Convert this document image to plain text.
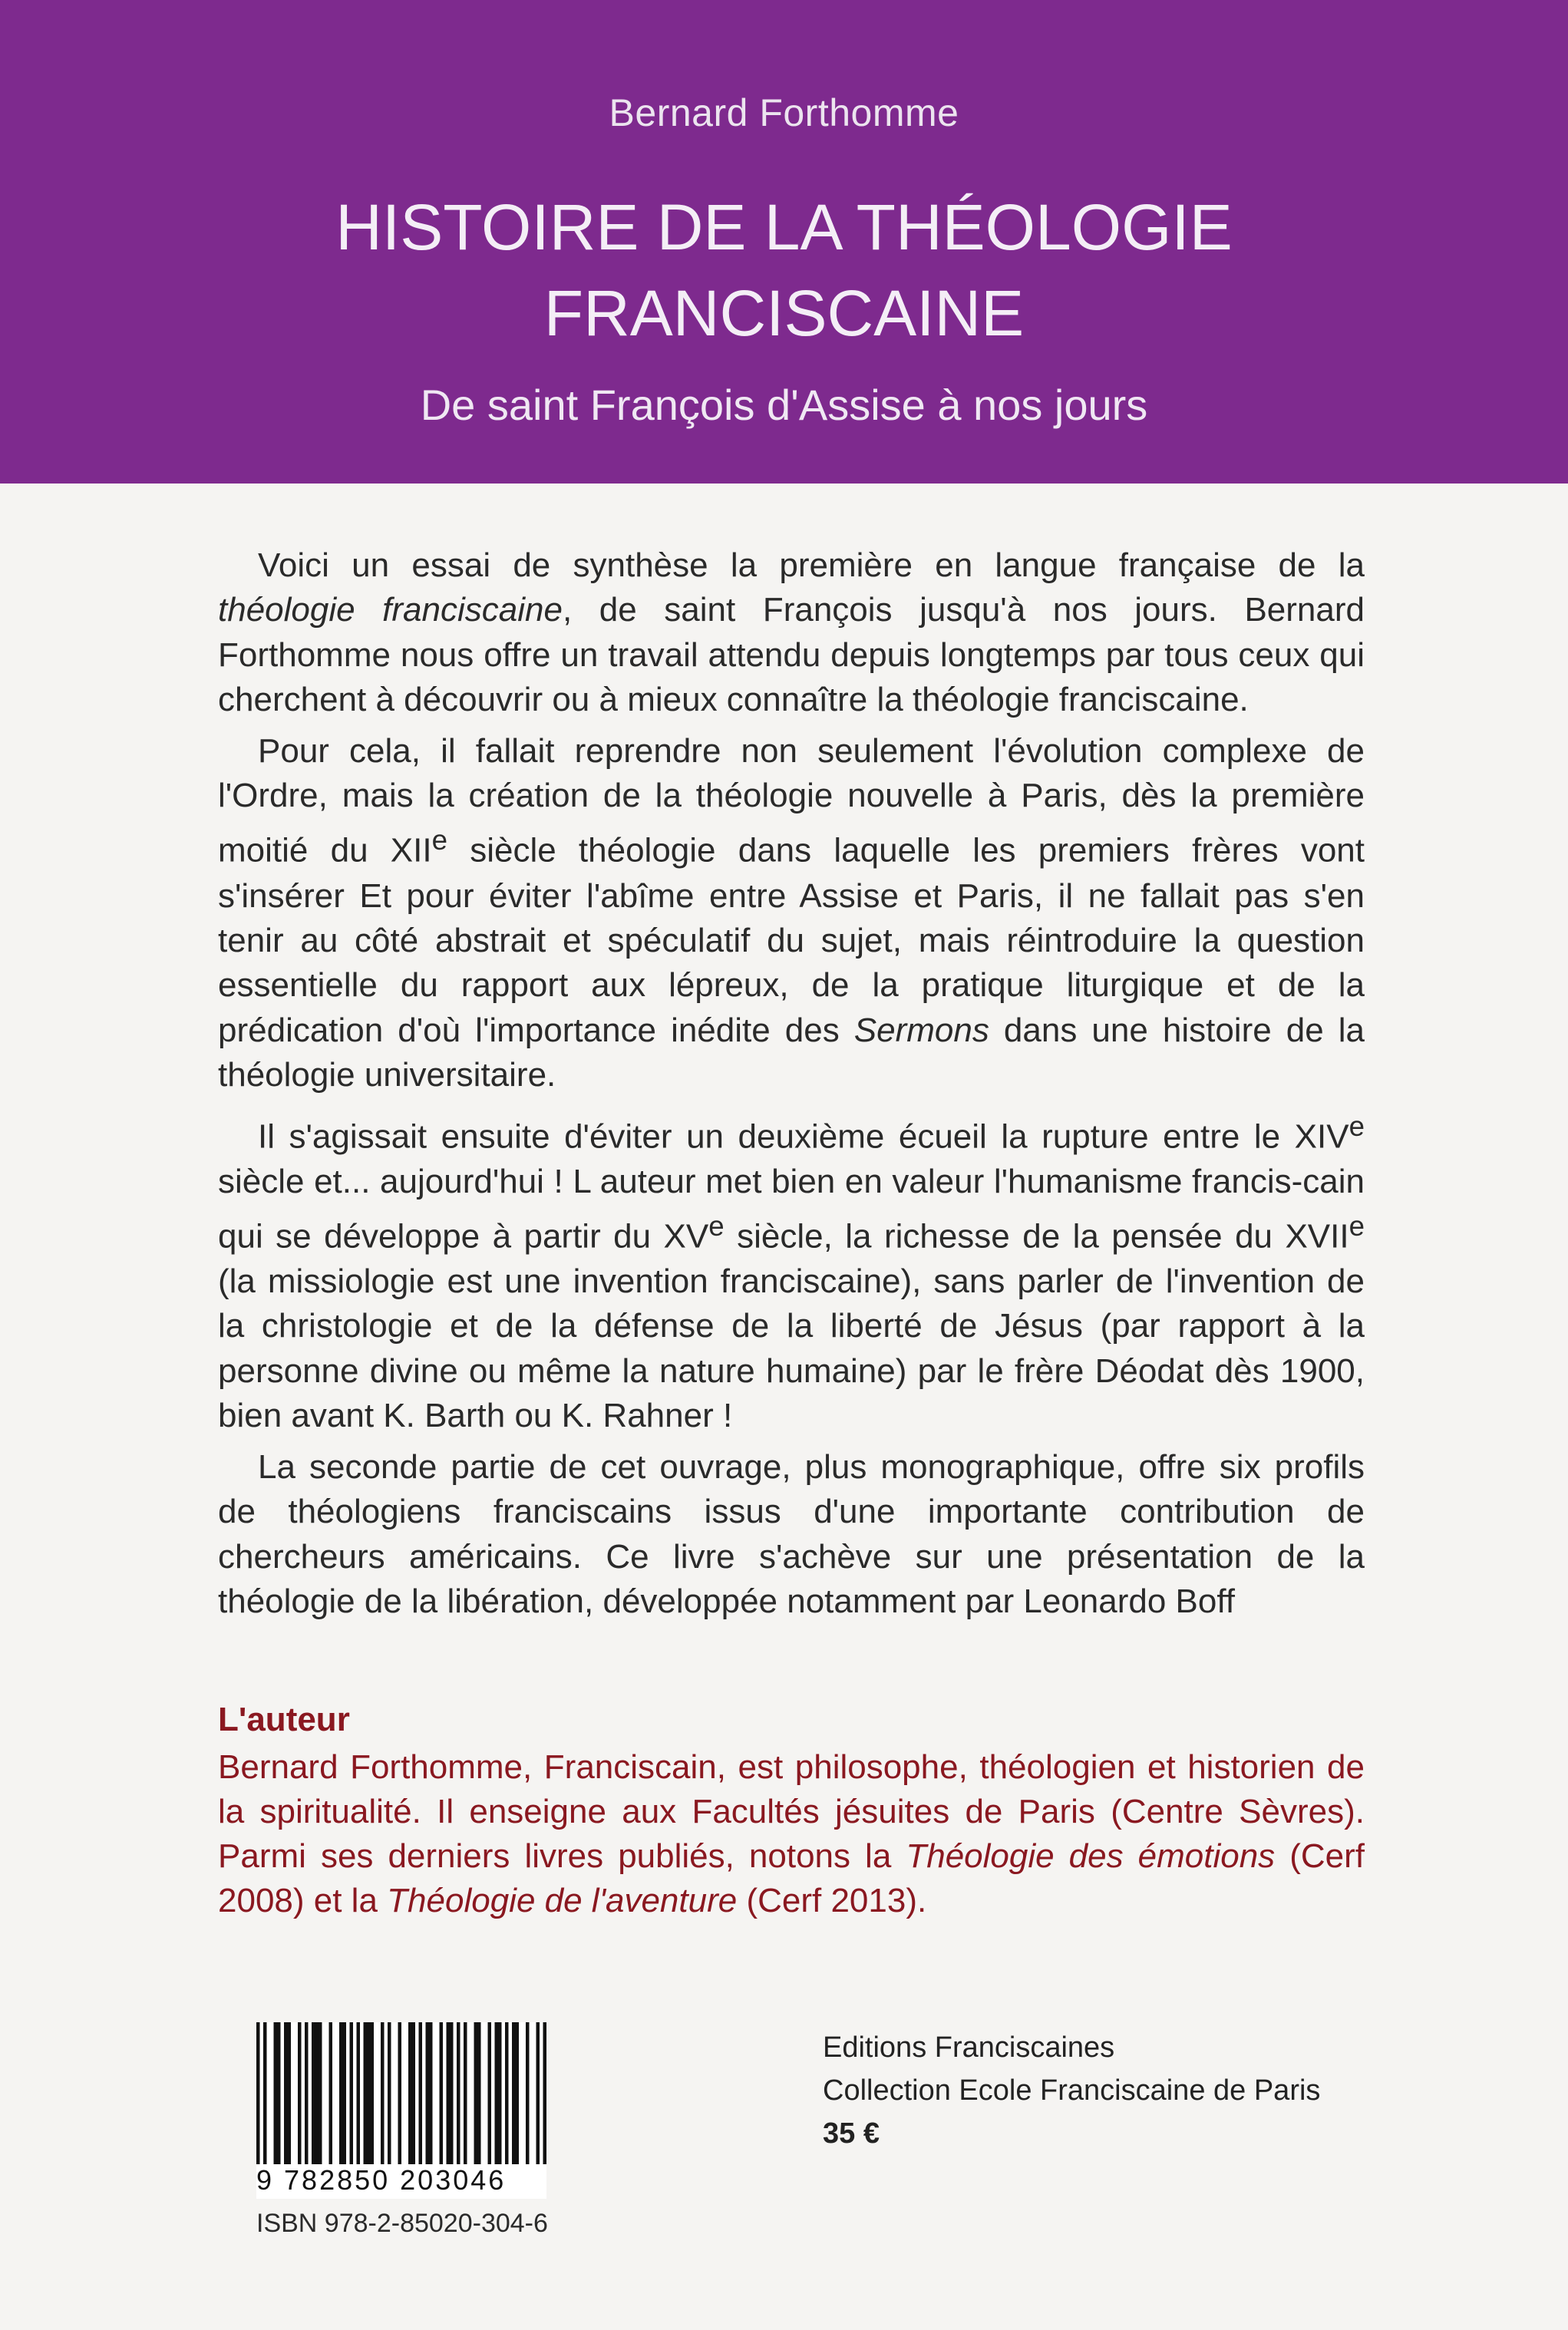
Bernard Forthomme
HISTOIRE DE LA THÉOLOGIE
FRANCISCAINE
De saint François d'Assise à nos jours

Voici un essai de synthèse la première en langue française de la théologie franciscaine, de saint François jusqu'à nos jours. Bernard Forthomme nous offre un travail attendu depuis longtemps par tous ceux qui cherchent à découvrir ou à mieux connaître la théologie franciscaine.

Pour cela, il fallait reprendre non seulement l'évolution complexe de l'Ordre, mais la création de la théologie nouvelle à Paris, dès la première moitié du XIIe siècle théologie dans laquelle les premiers frères vont s'insérer Et pour éviter l'abîme entre Assise et Paris, il ne fallait pas s'en tenir au côté abstrait et spéculatif du sujet, mais réintroduire la question essentielle du rapport aux lépreux, de la pratique liturgique et de la prédication d'où l'importance inédite des Sermons dans une histoire de la théologie universitaire.

Il s'agissait ensuite d'éviter un deuxième écueil la rupture entre le XIVe siècle et... aujourd'hui ! L auteur met bien en valeur l'humanisme francis-cain qui se développe à partir du XVe siècle, la richesse de la pensée du XVIIe (la missiologie est une invention franciscaine), sans parler de l'invention de la christologie et de la défense de la liberté de Jésus (par rapport à la personne divine ou même la nature humaine) par le frère Déodat dès 1900, bien avant K. Barth ou K. Rahner !

La seconde partie de cet ouvrage, plus monographique, offre six profils de théologiens franciscains issus d'une importante contribution de chercheurs américains. Ce livre s'achève sur une présentation de la théologie de la libération, développée notamment par Leonardo Boff

L'auteur

Bernard Forthomme, Franciscain, est philosophe, théologien et historien de la spiritualité. Il enseigne aux Facultés jésuites de Paris (Centre Sèvres). Parmi ses derniers livres publiés, notons la Théologie des émotions (Cerf 2008) et la Théologie de l'aventure (Cerf 2013).

9 782850 203046
ISBN 978-2-85020-304-6
Editions Franciscaines
Collection Ecole Franciscaine de Paris
35 €
